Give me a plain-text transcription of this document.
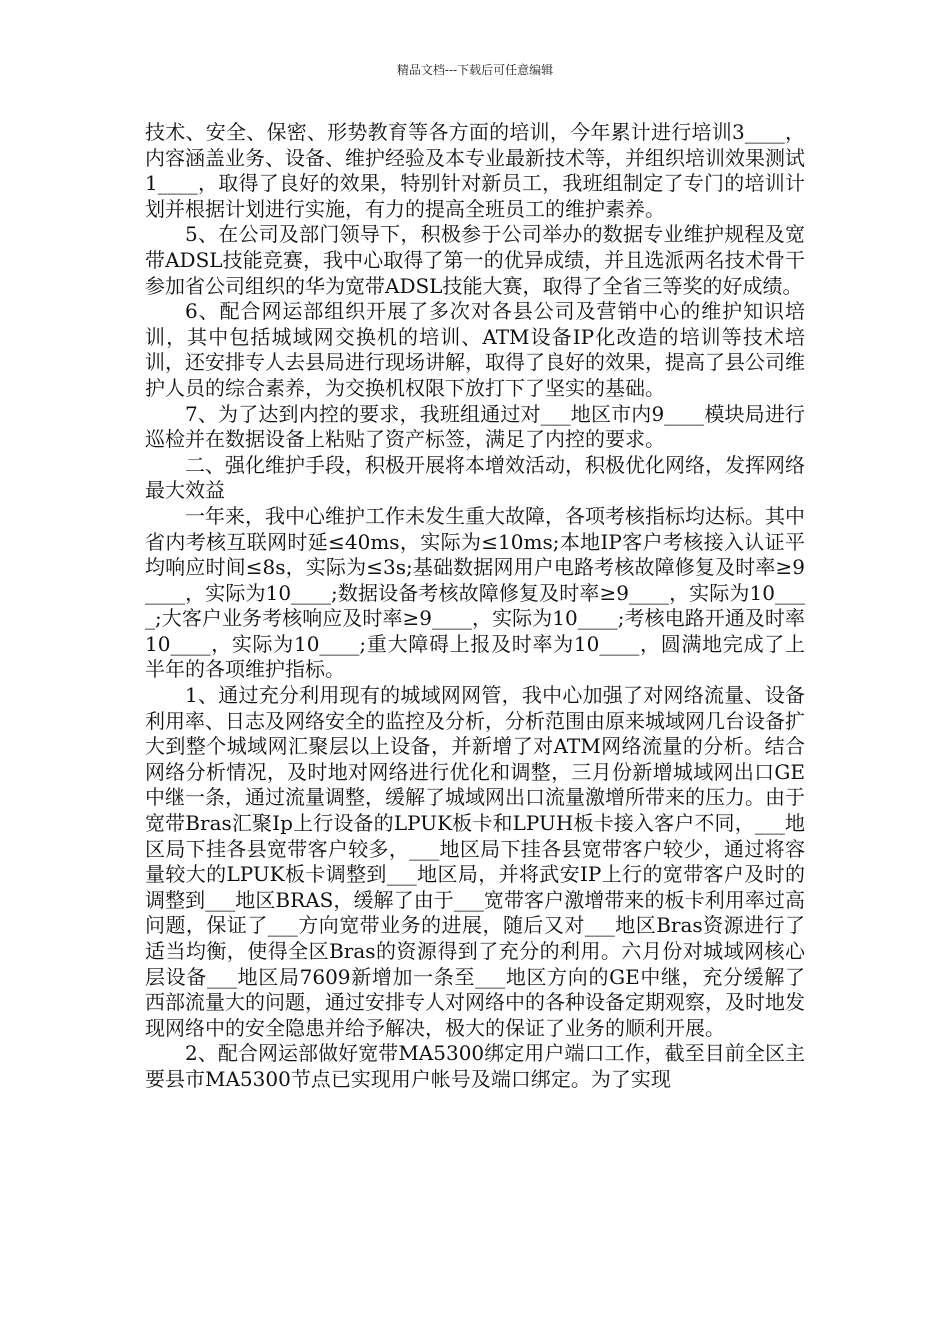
精品文档---下载后可任意编辑

技术、安全、保密、形势教育等各方面的培训，今年累计进行培训3____，内容涵盖业务、设备、维护经验及本专业最新技术等，并组织培训效果测试1____，取得了良好的效果，特别针对新员工，我班组制定了专门的培训计划并根据计划进行实施，有力的提高全班员工的维护素养。

5、在公司及部门领导下，积极参于公司举办的数据专业维护规程及宽带ADSL技能竞赛，我中心取得了第一的优异成绩，并且选派两名技术骨干参加省公司组织的华为宽带ADSL技能大赛，取得了全省三等奖的好成绩。

6、配合网运部组织开展了多次对各县公司及营销中心的维护知识培训，其中包括城域网交换机的培训、ATM设备IP化改造的培训等技术培训，还安排专人去县局进行现场讲解，取得了良好的效果，提高了县公司维护人员的综合素养，为交换机权限下放打下了坚实的基础。

7、为了达到内控的要求，我班组通过对___地区市内9____模块局进行巡检并在数据设备上粘贴了资产标签，满足了内控的要求。

二、强化维护手段，积极开展将本增效活动，积极优化网络，发挥网络最大效益

一年来，我中心维护工作未发生重大故障，各项考核指标均达标。其中省内考核互联网时延≤40ms，实际为≤10ms;本地IP客户考核接入认证平均响应时间≤8s，实际为≤3s;基础数据网用户电路考核故障修复及时率≥9____，实际为10____;数据设备考核故障修复及时率≥9____，实际为10____;大客户业务考核响应及时率≥9____，实际为10____;考核电路开通及时率10____，实际为10____;重大障碍上报及时率为10____，圆满地完成了上半年的各项维护指标。

1、通过充分利用现有的城域网网管，我中心加强了对网络流量、设备利用率、日志及网络安全的监控及分析，分析范围由原来城域网几台设备扩大到整个城域网汇聚层以上设备，并新增了对ATM网络流量的分析。结合网络分析情况，及时地对网络进行优化和调整，三月份新增城域网出口GE中继一条，通过流量调整，缓解了城域网出口流量激增所带来的压力。由于宽带Bras汇聚Ip上行设备的LPUK板卡和LPUH板卡接入客户不同，___地区局下挂各县宽带客户较多，___地区局下挂各县宽带客户较少，通过将容量较大的LPUK板卡调整到___地区局，并将武安IP上行的宽带客户及时的调整到___地区BRAS，缓解了由于___宽带客户激增带来的板卡利用率过高问题，保证了___方向宽带业务的进展，随后又对___地区Bras资源进行了适当均衡，使得全区Bras的资源得到了充分的利用。六月份对城域网核心层设备___地区局7609新增加一条至___地区方向的GE中继，充分缓解了西部流量大的问题，通过安排专人对网络中的各种设备定期观察，及时地发现网络中的安全隐患并给予解决，极大的保证了业务的顺利开展。

2、配合网运部做好宽带MA5300绑定用户端口工作，截至目前全区主要县市MA5300节点已实现用户帐号及端口绑定。为了实现
